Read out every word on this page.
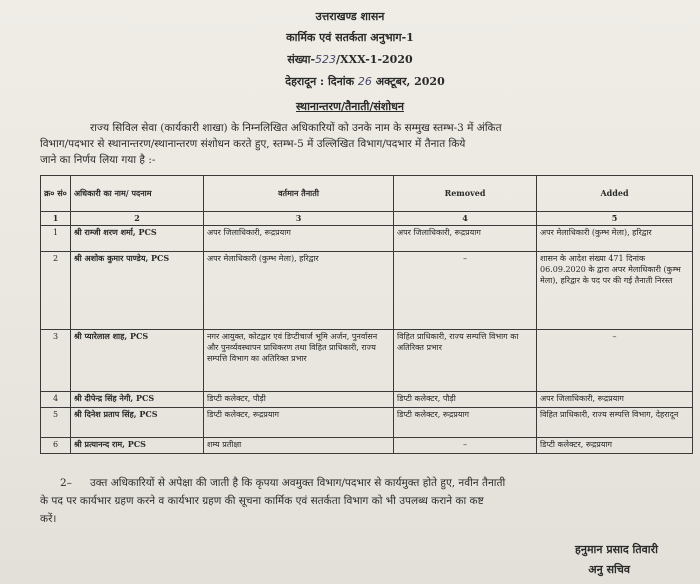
उत्तराखण्ड शासन
कार्मिक एवं सतर्कता अनुभाग-1
संख्या-523/XXX-1-2020
देहरादून : दिनांक 26 अक्टूबर, 2020
स्थानान्तरण/तैनाती/संशोधन
राज्य सिविल सेवा (कार्यकारी शाखा) के निम्नलिखित अधिकारियों को उनके नाम के सम्मुख स्तम्भ-3 में अंकित
विभाग/पदभार से स्थानान्तरण/स्थानान्तरण संशोधन करते हुए, स्तम्भ-5 में उल्लिखित विभाग/पदभार में तैनात किये
जाने का निर्णय लिया गया है :-
क्र० सं०	अधिकारी का नाम/ पदनाम	वर्तमान तैनाती	Removed	Added
1	2	3	4	5
1	श्री राम्जी शरण शर्मा, PCS	अपर जिलाधिकारी, रूद्रप्रयाग	अपर जिलाधिकारी, रूद्रप्रयाग	अपर मेलाधिकारी (कुम्भ मेला), हरिद्वार
2	श्री अशोक कुमार पाण्डेय, PCS	अपर मेलाधिकारी (कुम्भ मेला), हरिद्वार	–	शासन के आदेश संख्या 471 दिनांक 06.09.2020 के द्वारा अपर मेलाधिकारी (कुम्भ मेला), हरिद्वार के पद पर की गई तैनाती निरस्त
3	श्री प्यारेलाल शाह, PCS	नगर आयुक्त, कोटद्वार एवं डिप्टीचार्ज भूमि अर्जन, पुनर्वासन और पुनर्व्यवस्थापन प्राधिकरण तथा विहित प्राधिकारी, राज्य सम्पत्ति विभाग का अतिरिक्त प्रभार	विहित प्राधिकारी, राज्य सम्पत्ति विभाग का अतिरिक्त प्रभार	–
4	श्री दीपेन्द्र सिंह नेगी, PCS	डिप्टी कलेक्टर, पौड़ी	डिप्टी कलेक्टर, पौड़ी	अपर जिलाधिकारी, रूद्रप्रयाग
5	श्री दिनेश प्रताप सिंह, PCS	डिप्टी कलेक्टर, रूद्रप्रयाग	डिप्टी कलेक्टर, रूद्रप्रयाग	विहित प्राधिकारी, राज्य सम्पत्ति विभाग, देहरादून
6	श्री प्रत्यानन्द राम, PCS	शम्य प्रतीक्षा	–	डिप्टी कलेक्टर, रूद्रप्रयाग
2– उक्त अधिकारियों से अपेक्षा की जाती है कि कृपया अवमुक्त विभाग/पदभार से कार्यमुक्त होते हुए, नवीन तैनाती
के पद पर कार्यभार ग्रहण करने व कार्यभार ग्रहण की सूचना कार्मिक एवं सतर्कता विभाग को भी उपलब्ध कराने का कष्ट
करें।
हनुमान प्रसाद तिवारी
अनु सचिव
